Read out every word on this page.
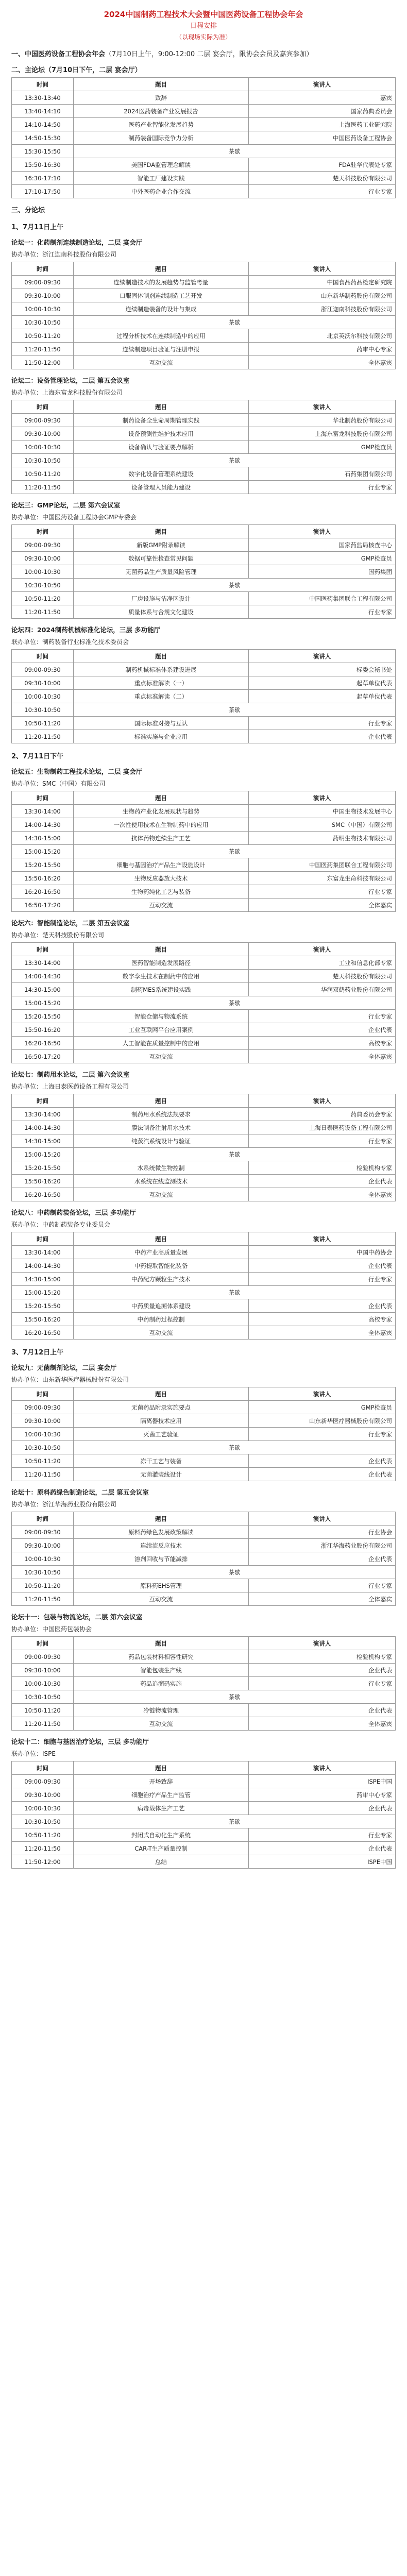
2024中国制药工程技术大会暨中国医药设备工程协会年会
日程安排
（以现场实际为准）
一、中国医药设备工程协会年会（7月10日上午，9:00-12:00 二层 宴会厅，限协会会员及嘉宾参加）
二、主论坛（7月10日下午，二层 宴会厅）
时间	题目	演讲人
13:30-13:40	致辞	嘉宾
13:40-14:10	2024医药装备产业发展报告	国家药典委员会
14:10-14:50	医药产业智能化发展趋势	上海医药工业研究院
14:50-15:30	制药装备国际竞争力分析	中国医药设备工程协会
15:30-15:50	茶歇	
15:50-16:30	美国FDA监管理念解读	FDA驻华代表处专家
16:30-17:10	智能工厂建设实践	楚天科技股份有限公司
17:10-17:50	中外医药企业合作交流	行业专家
三、分论坛
1、7月11日上午
论坛一：化药制剂连续制造论坛，二层 宴会厅
协办单位：浙江迦南科技股份有限公司
时间	题目	演讲人
09:00-09:30	连续制造技术的发展趋势与监管考量	中国食品药品检定研究院
09:30-10:00	口服固体制剂连续制造工艺开发	山东新华制药股份有限公司
10:00-10:30	连续制造装备的设计与集成	浙江迦南科技股份有限公司
10:30-10:50	茶歇	
10:50-11:20	过程分析技术在连续制造中的应用	北京英沃尔科技有限公司
11:20-11:50	连续制造项目验证与注册申报	药审中心专家
11:50-12:00	互动交流	全体嘉宾
论坛二：设备管理论坛，二层 第五会议室
协办单位：上海东富龙科技股份有限公司
时间	题目	演讲人
09:00-09:30	制药设备全生命周期管理实践	华北制药股份有限公司
09:30-10:00	设备预测性维护技术应用	上海东富龙科技股份有限公司
10:00-10:30	设备确认与验证要点解析	GMP检查员
10:30-10:50	茶歇	
10:50-11:20	数字化设备管理系统建设	石药集团有限公司
11:20-11:50	设备管理人员能力建设	行业专家
论坛三：GMP论坛，二层 第六会议室
协办单位：中国医药设备工程协会GMP专委会
时间	题目	演讲人
09:00-09:30	新版GMP附录解读	国家药监局核查中心
09:30-10:00	数据可靠性检查常见问题	GMP检查员
10:00-10:30	无菌药品生产质量风险管理	国药集团
10:30-10:50	茶歇	
10:50-11:20	厂房设施与洁净区设计	中国医药集团联合工程有限公司
11:20-11:50	质量体系与合规文化建设	行业专家
论坛四：2024制药机械标准化论坛，三层 多功能厅
联办单位：制药装备行业标准化技术委员会
时间	题目	演讲人
09:00-09:30	制药机械标准体系建设进展	标委会秘书处
09:30-10:00	重点标准解读（一）	起草单位代表
10:00-10:30	重点标准解读（二）	起草单位代表
10:30-10:50	茶歇	
10:50-11:20	国际标准对接与互认	行业专家
11:20-11:50	标准实施与企业应用	企业代表
2、7月11日下午
论坛五：生物制药工程技术论坛，二层 宴会厅
协办单位：SMC（中国）有限公司
时间	题目	演讲人
13:30-14:00	生物药产业化发展现状与趋势	中国生物技术发展中心
14:00-14:30	一次性使用技术在生物制药中的应用	SMC（中国）有限公司
14:30-15:00	抗体药物连续生产工艺	药明生物技术有限公司
15:00-15:20	茶歇	
15:20-15:50	细胞与基因治疗产品生产设施设计	中国医药集团联合工程有限公司
15:50-16:20	生物反应器放大技术	东富龙生命科技有限公司
16:20-16:50	生物药纯化工艺与装备	行业专家
16:50-17:20	互动交流	全体嘉宾
论坛六：智能制造论坛，二层 第五会议室
协办单位：楚天科技股份有限公司
时间	题目	演讲人
13:30-14:00	医药智能制造发展路径	工业和信息化部专家
14:00-14:30	数字孪生技术在制药中的应用	楚天科技股份有限公司
14:30-15:00	制药MES系统建设实践	华润双鹤药业股份有限公司
15:00-15:20	茶歇	
15:20-15:50	智能仓储与物流系统	行业专家
15:50-16:20	工业互联网平台应用案例	企业代表
16:20-16:50	人工智能在质量控制中的应用	高校专家
16:50-17:20	互动交流	全体嘉宾
论坛七：制药用水论坛，二层 第六会议室
协办单位：上海日泰医药设备工程有限公司
时间	题目	演讲人
13:30-14:00	制药用水系统法规要求	药典委员会专家
14:00-14:30	膜法制备注射用水技术	上海日泰医药设备工程有限公司
14:30-15:00	纯蒸汽系统设计与验证	行业专家
15:00-15:20	茶歇	
15:20-15:50	水系统微生物控制	检验机构专家
15:50-16:20	水系统在线监测技术	企业代表
16:20-16:50	互动交流	全体嘉宾
论坛八：中药制药装备论坛，三层 多功能厅
联办单位：中药制药装备专业委员会
时间	题目	演讲人
13:30-14:00	中药产业高质量发展	中国中药协会
14:00-14:30	中药提取智能化装备	企业代表
14:30-15:00	中药配方颗粒生产技术	行业专家
15:00-15:20	茶歇	
15:20-15:50	中药质量追溯体系建设	企业代表
15:50-16:20	中药制药过程控制	高校专家
16:20-16:50	互动交流	全体嘉宾
3、7月12日上午
论坛九：无菌制剂论坛，二层 宴会厅
协办单位：山东新华医疗器械股份有限公司
时间	题目	演讲人
09:00-09:30	无菌药品附录实施要点	GMP检查员
09:30-10:00	隔离器技术应用	山东新华医疗器械股份有限公司
10:00-10:30	灭菌工艺验证	行业专家
10:30-10:50	茶歇	
10:50-11:20	冻干工艺与装备	企业代表
11:20-11:50	无菌灌装线设计	企业代表
论坛十：原料药绿色制造论坛，二层 第五会议室
协办单位：浙江华海药业股份有限公司
时间	题目	演讲人
09:00-09:30	原料药绿色发展政策解读	行业协会
09:30-10:00	连续流反应技术	浙江华海药业股份有限公司
10:00-10:30	溶剂回收与节能减排	企业代表
10:30-10:50	茶歇	
10:50-11:20	原料药EHS管理	行业专家
11:20-11:50	互动交流	全体嘉宾
论坛十一：包装与物流论坛，二层 第六会议室
协办单位：中国医药包装协会
时间	题目	演讲人
09:00-09:30	药品包装材料相容性研究	检验机构专家
09:30-10:00	智能包装生产线	企业代表
10:00-10:30	药品追溯码实施	行业专家
10:30-10:50	茶歇	
10:50-11:20	冷链物流管理	企业代表
11:20-11:50	互动交流	全体嘉宾
论坛十二：细胞与基因治疗论坛，三层 多功能厅
联办单位：ISPE
时间	题目	演讲人
09:00-09:30	开场致辞	ISPE中国
09:30-10:00	细胞治疗产品生产监管	药审中心专家
10:00-10:30	病毒载体生产工艺	企业代表
10:30-10:50	茶歇	
10:50-11:20	封闭式自动化生产系统	行业专家
11:20-11:50	CAR-T生产质量控制	企业代表
11:50-12:00	总结	ISPE中国
